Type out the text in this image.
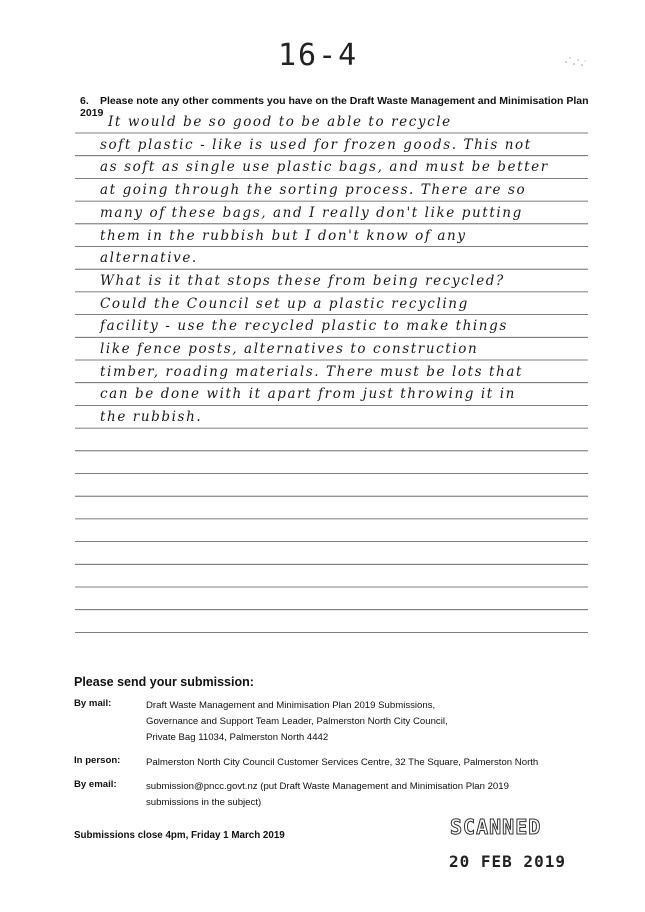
16-4
6. Please note any other comments you have on the Draft Waste Management and Minimisation Plan 2019
It would be so good to be able to recycle
soft plastic - like is used for frozen goods. This not
as soft as single use plastic bags, and must be better
at going through the sorting process. There are so
many of these bags, and I really don't like putting
them in the rubbish but I don't know of any
alternative.
What is it that stops these from being recycled?
Could the Council set up a plastic recycling
facility - use the recycled plastic to make things
like fence posts, alternatives to construction
timber, roading materials. There must be lots that
can be done with it apart from just throwing it in
the rubbish.
Please send your submission:
By mail:	Draft Waste Management and Minimisation Plan 2019 Submissions,
Governance and Support Team Leader, Palmerston North City Council,
Private Bag 11034, Palmerston North 4442
In person:	Palmerston North City Council Customer Services Centre, 32 The Square, Palmerston North
By email:	submission@pncc.govt.nz (put Draft Waste Management and Minimisation Plan 2019
submissions in the subject)
Submissions close 4pm, Friday 1 March 2019	SCANNED
20 FEB 2019
